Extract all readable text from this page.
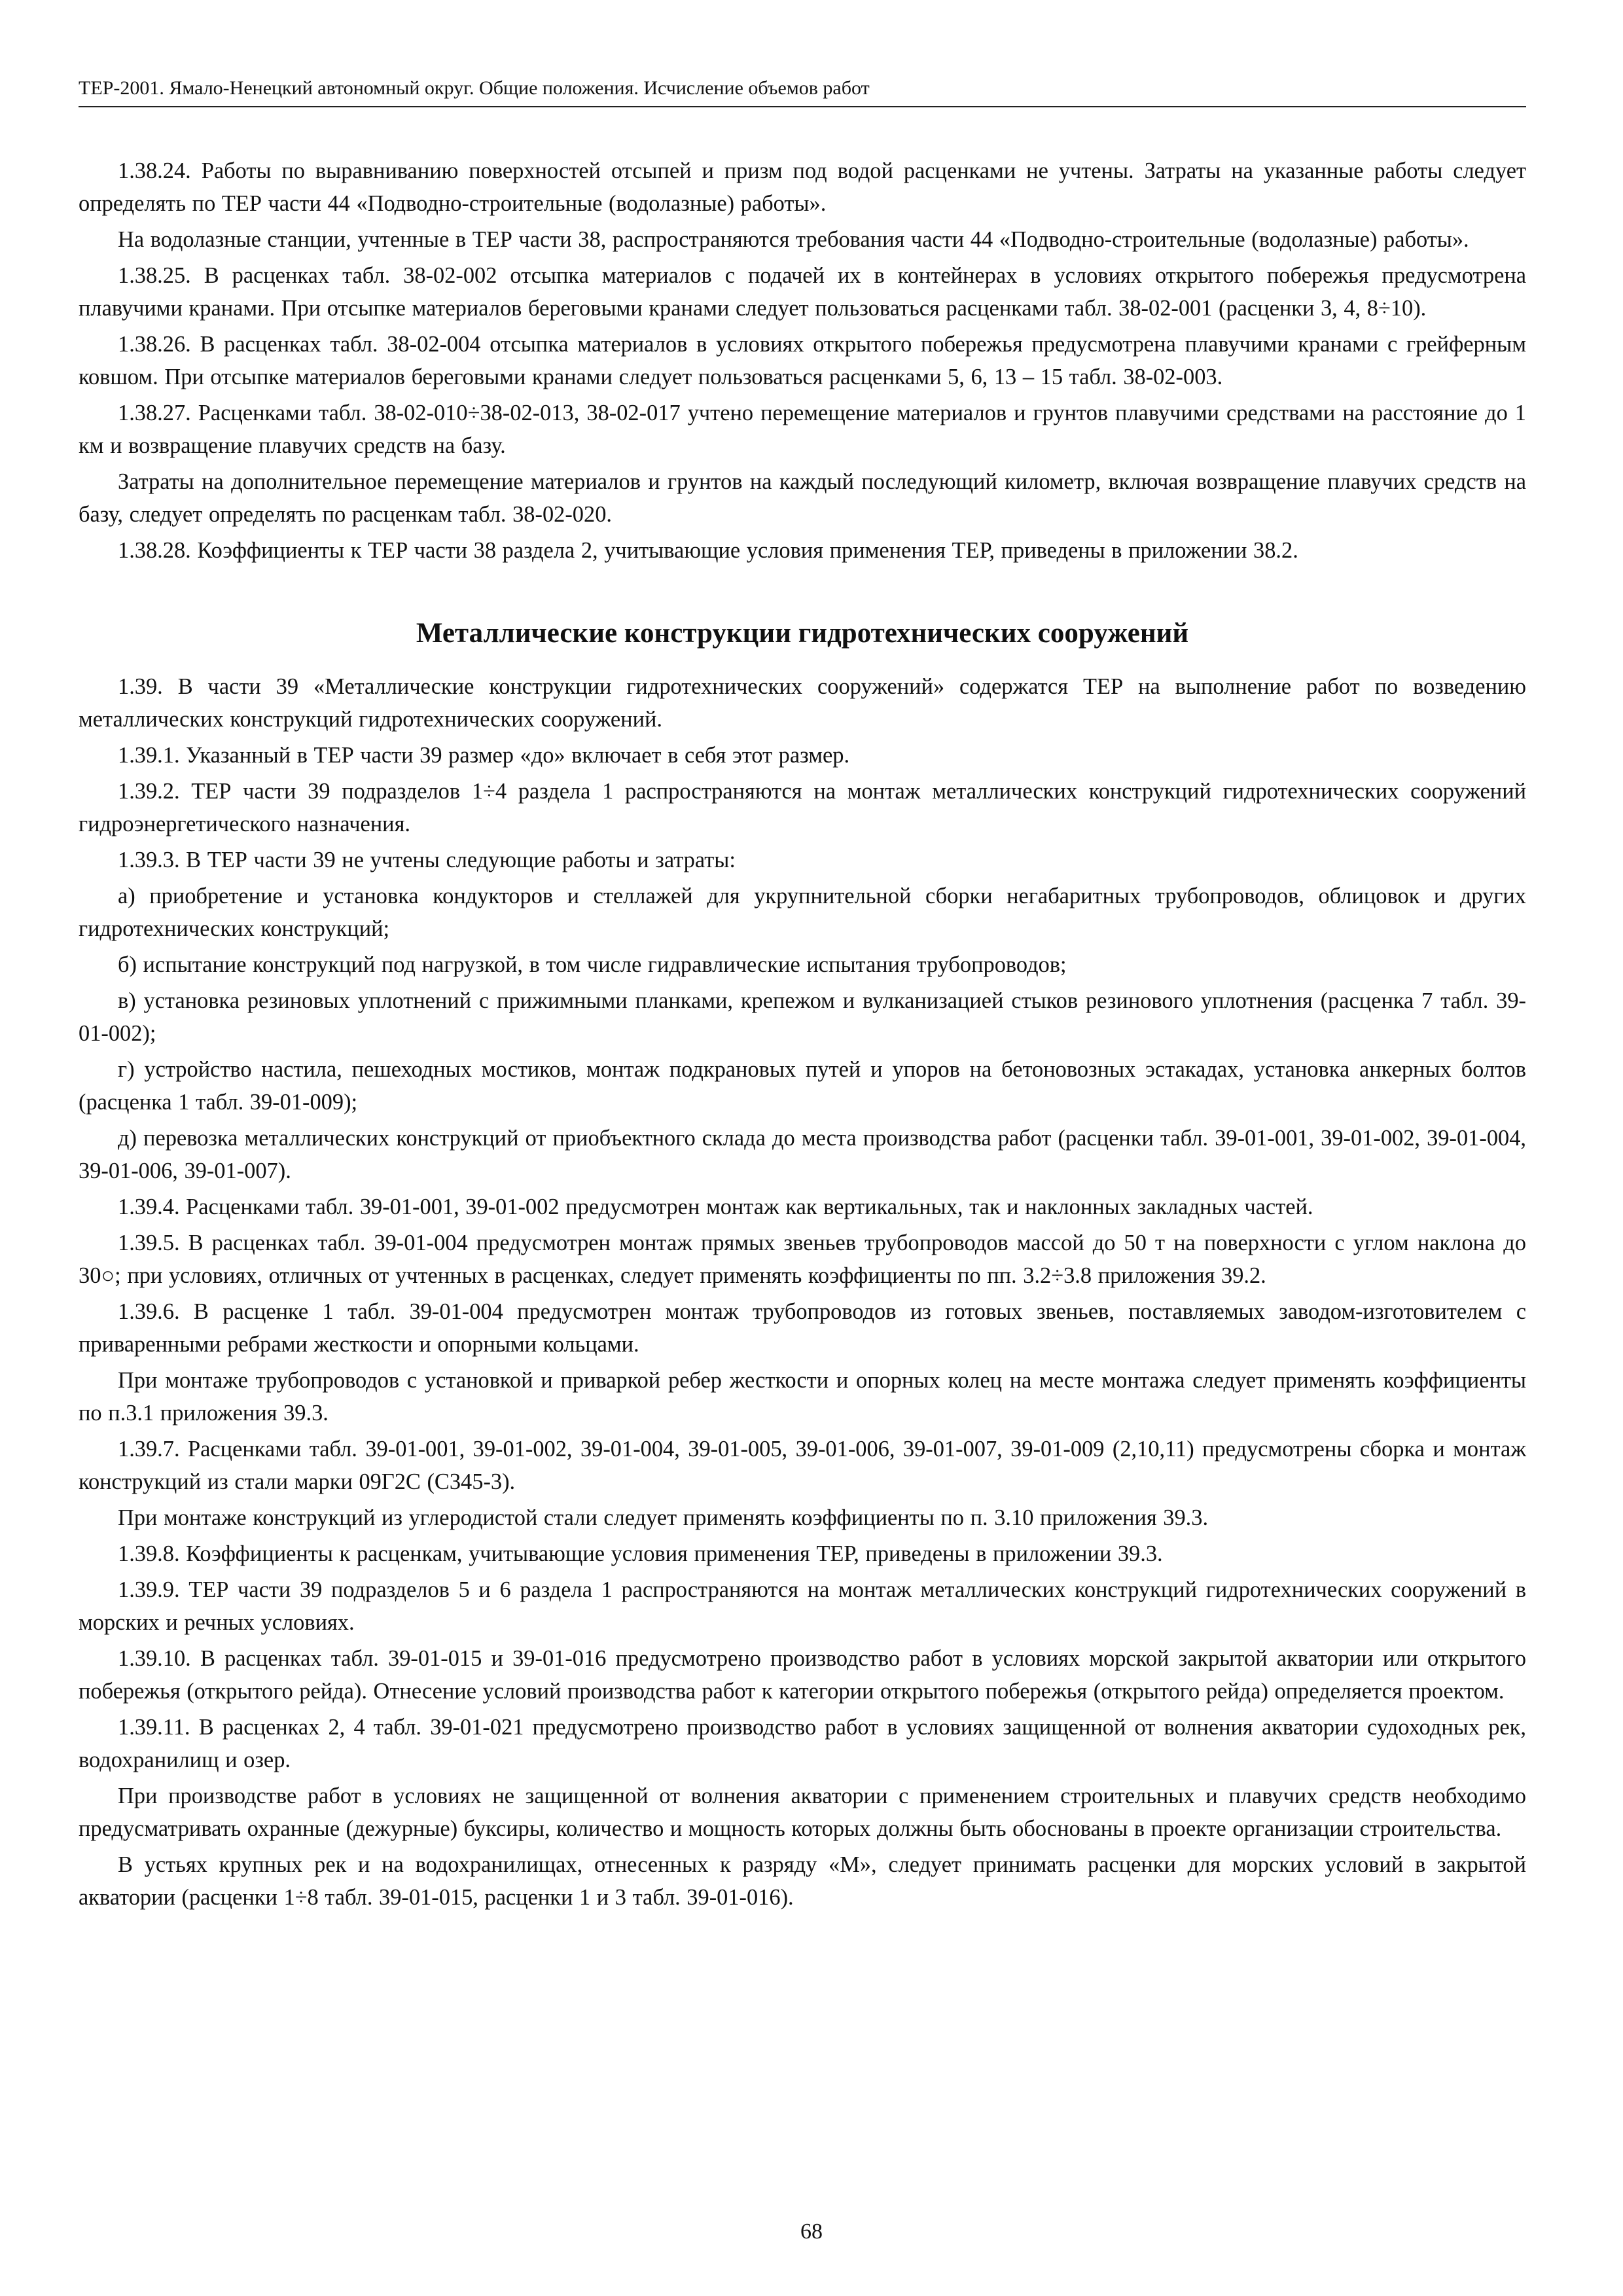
ТЕР-2001. Ямало-Ненецкий автономный округ. Общие положения. Исчисление объемов работ

1.38.24. Работы по выравниванию поверхностей отсыпей и призм под водой расценками не учтены. Затраты на указанные работы следует определять по ТЕР части 44 «Подводно-строительные (водолазные) работы».

На водолазные станции, учтенные в ТЕР части 38, распространяются требования части 44 «Подводно-строительные (водолазные) работы».

1.38.25. В расценках табл. 38-02-002 отсыпка материалов с подачей их в контейнерах в условиях открытого побережья предусмотрена плавучими кранами. При отсыпке материалов береговыми кранами следует пользоваться расценками табл. 38-02-001 (расценки 3, 4, 8÷10).

1.38.26. В расценках табл. 38-02-004 отсыпка материалов в условиях открытого побережья предусмотрена плавучими кранами с грейферным ковшом. При отсыпке материалов береговыми кранами следует пользоваться расценками 5, 6, 13 – 15 табл. 38-02-003.

1.38.27. Расценками табл. 38-02-010÷38-02-013, 38-02-017 учтено перемещение материалов и грунтов плавучими средствами на расстояние до 1 км и возвращение плавучих средств на базу.

Затраты на дополнительное перемещение материалов и грунтов на каждый последующий километр, включая возвращение плавучих средств на базу, следует определять по расценкам табл. 38-02-020.

1.38.28. Коэффициенты к ТЕР части 38 раздела 2, учитывающие условия применения ТЕР, приведены в приложении 38.2.

Металлические конструкции гидротехнических сооружений

1.39. В части 39 «Металлические конструкции гидротехнических сооружений» содержатся ТЕР на выполнение работ по возведению металлических конструкций гидротехнических сооружений.

1.39.1. Указанный в ТЕР части 39 размер «до» включает в себя этот размер.

1.39.2. ТЕР части 39 подразделов 1÷4 раздела 1 распространяются на монтаж металлических конструкций гидротехнических сооружений гидроэнергетического назначения.

1.39.3. В ТЕР части 39 не учтены следующие работы и затраты:

а) приобретение и установка кондукторов и стеллажей для укрупнительной сборки негабаритных трубопроводов, облицовок и других гидротехнических конструкций;

б) испытание конструкций под нагрузкой, в том числе гидравлические испытания трубопроводов;

в) установка резиновых уплотнений с прижимными планками, крепежом и вулканизацией стыков резинового уплотнения (расценка 7 табл. 39-01-002);

г) устройство настила, пешеходных мостиков, монтаж подкрановых путей и упоров на бетоновозных эстакадах, установка анкерных болтов (расценка 1 табл. 39-01-009);

д) перевозка металлических конструкций от приобъектного склада до места производства работ (расценки табл. 39-01-001, 39-01-002, 39-01-004, 39-01-006, 39-01-007).

1.39.4. Расценками табл. 39-01-001, 39-01-002 предусмотрен монтаж как вертикальных, так и наклонных закладных частей.

1.39.5. В расценках табл. 39-01-004 предусмотрен монтаж прямых звеньев трубопроводов массой до 50 т на поверхности с углом наклона до 30○; при условиях, отличных от учтенных в расценках, следует применять коэффициенты по пп. 3.2÷3.8 приложения 39.2.

1.39.6. В расценке 1 табл. 39-01-004 предусмотрен монтаж трубопроводов из готовых звеньев, поставляемых заводом-изготовителем с приваренными ребрами жесткости и опорными кольцами.

При монтаже трубопроводов с установкой и приваркой ребер жесткости и опорных колец на месте монтажа следует применять коэффициенты по п.3.1 приложения 39.3.

1.39.7. Расценками табл. 39-01-001, 39-01-002, 39-01-004, 39-01-005, 39-01-006, 39-01-007, 39-01-009 (2,10,11) предусмотрены сборка и монтаж конструкций из стали марки 09Г2С (С345-3).

При монтаже конструкций из углеродистой стали следует применять коэффициенты по п. 3.10 приложения 39.3.

1.39.8. Коэффициенты к расценкам, учитывающие условия применения ТЕР, приведены в приложении 39.3.

1.39.9. ТЕР части 39 подразделов 5 и 6 раздела 1 распространяются на монтаж металлических конструкций гидротехнических сооружений в морских и речных условиях.

1.39.10. В расценках табл. 39-01-015 и 39-01-016 предусмотрено производство работ в условиях морской закрытой акватории или открытого побережья (открытого рейда). Отнесение условий производства работ к категории открытого побережья (открытого рейда) определяется проектом.

1.39.11. В расценках 2, 4 табл. 39-01-021 предусмотрено производство работ в условиях защищенной от волнения акватории судоходных рек, водохранилищ и озер.

При производстве работ в условиях не защищенной от волнения акватории с применением строительных и плавучих средств необходимо предусматривать охранные (дежурные) буксиры, количество и мощность которых должны быть обоснованы в проекте организации строительства.

В устьях крупных рек и на водохранилищах, отнесенных к разряду «М», следует принимать расценки для морских условий в закрытой акватории (расценки 1÷8 табл. 39-01-015, расценки 1 и 3 табл. 39-01-016).

68
